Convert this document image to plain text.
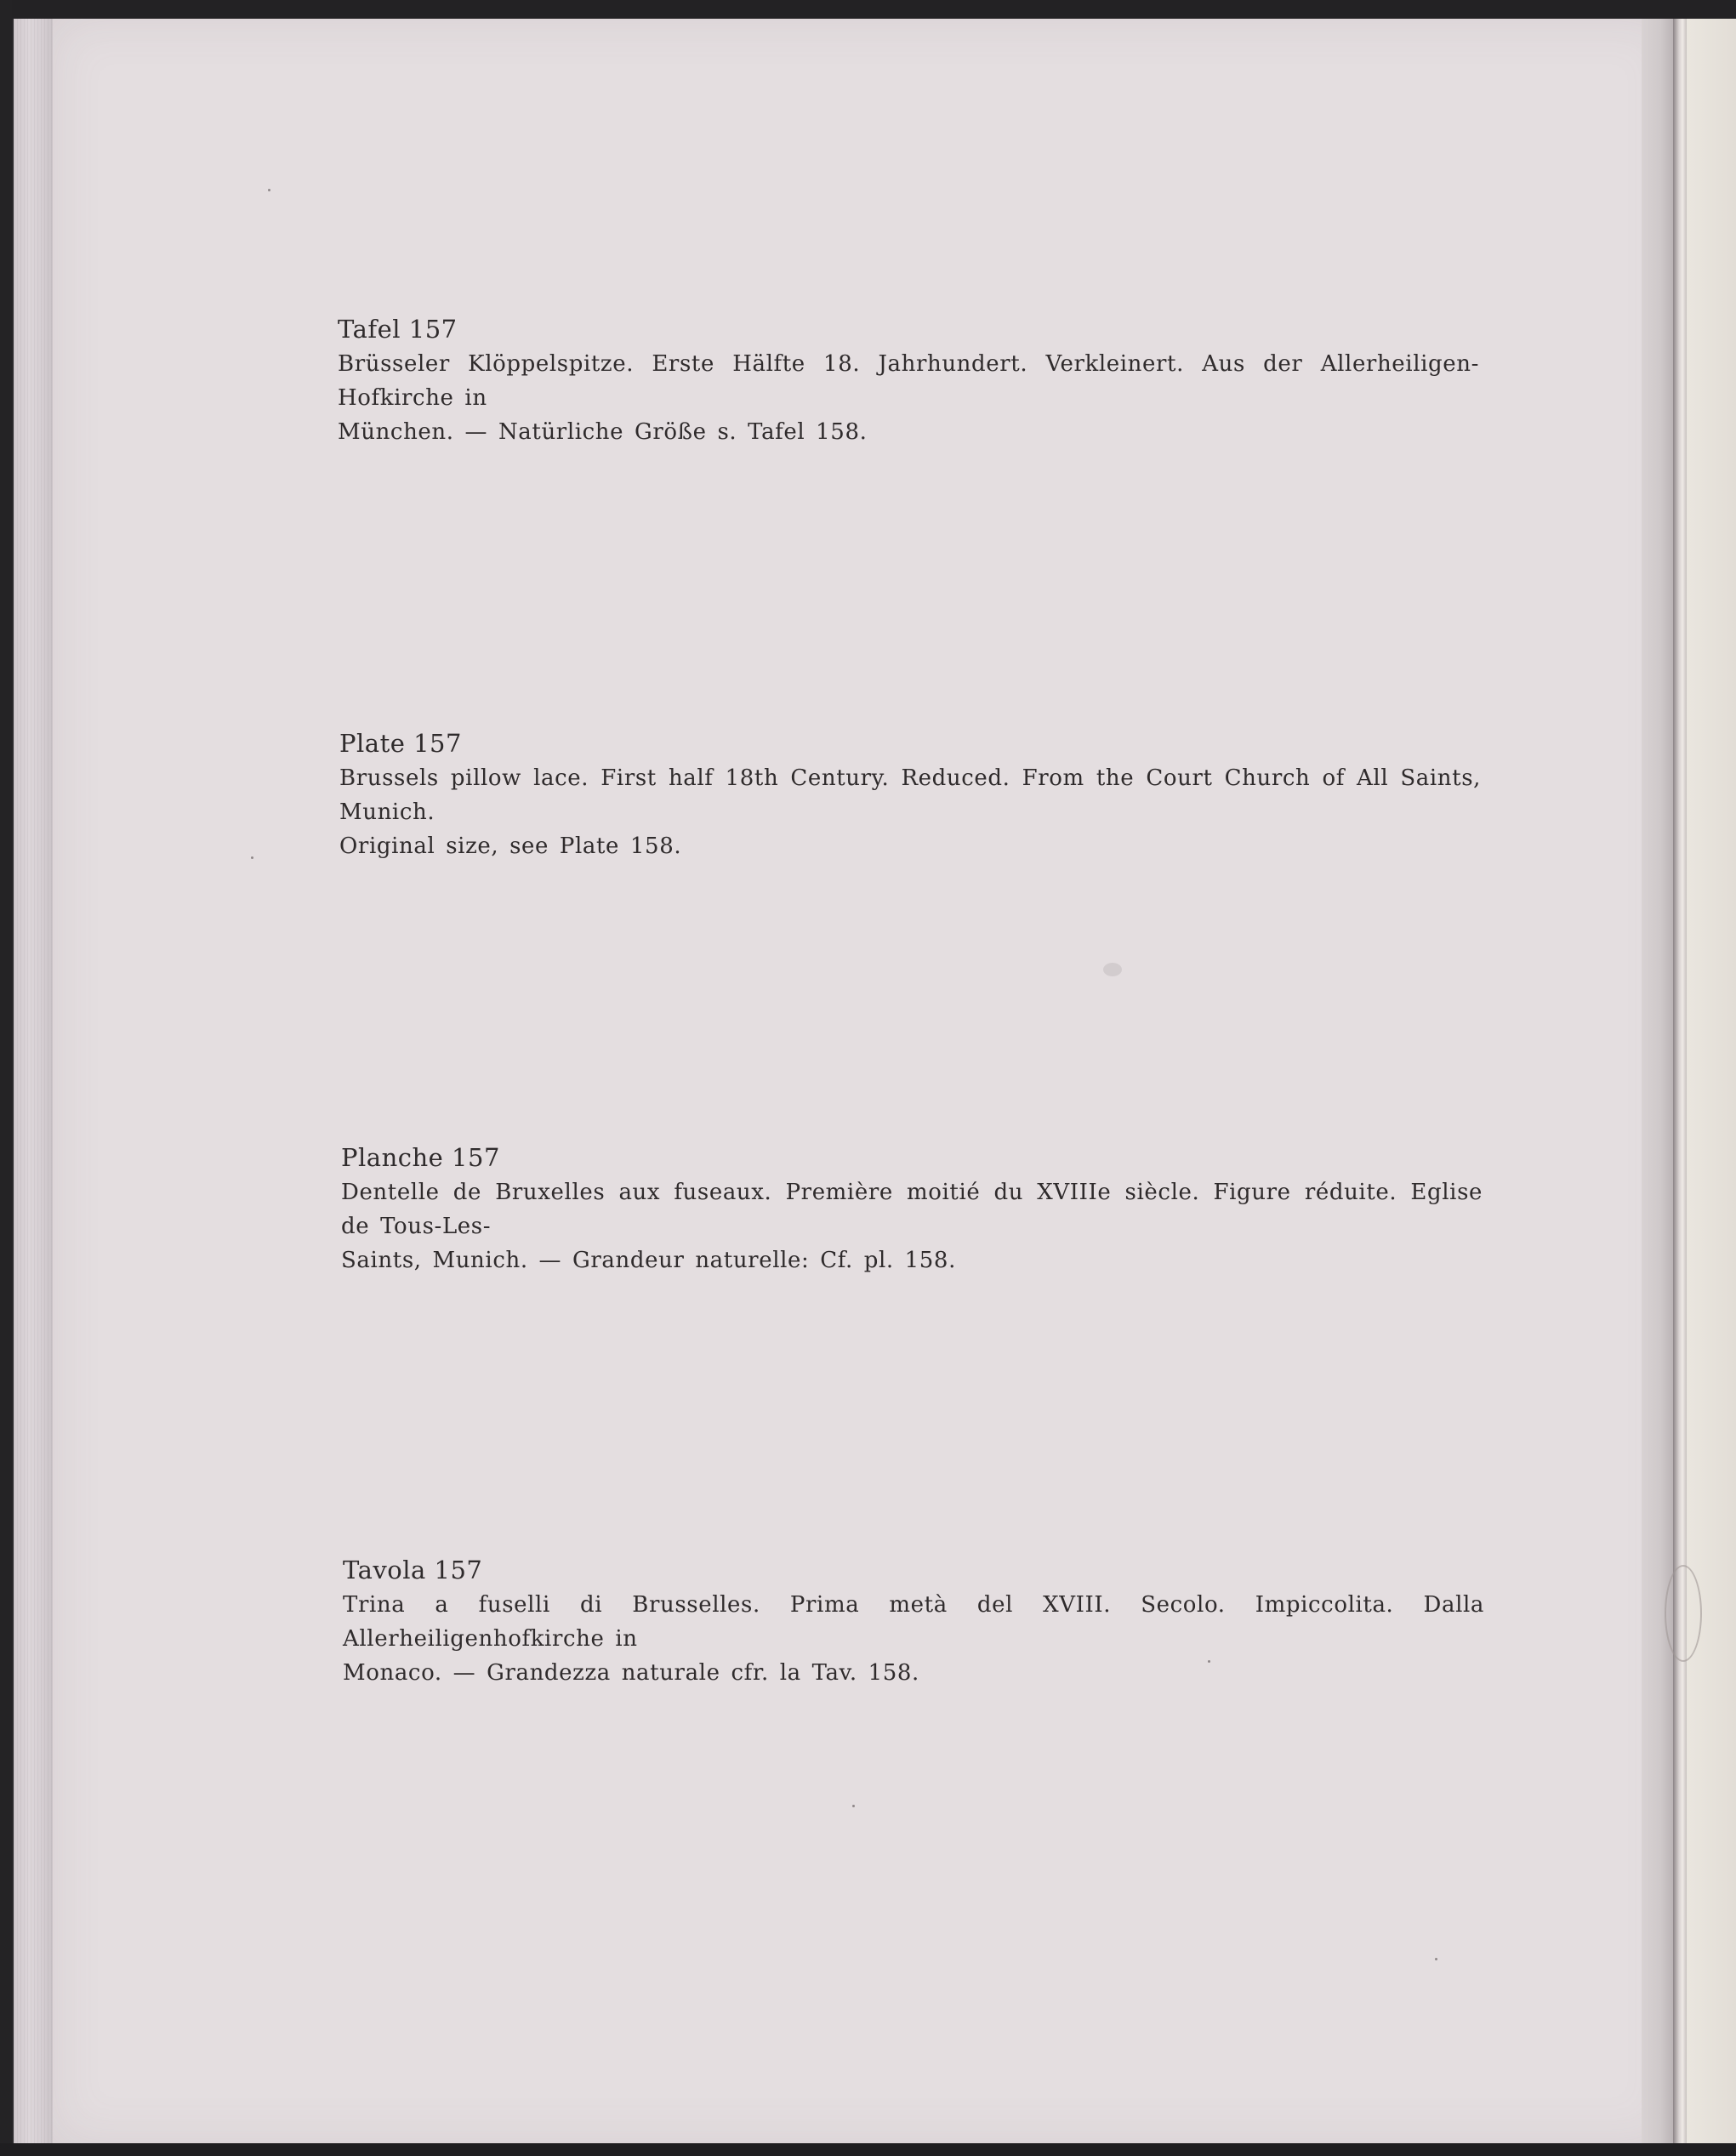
Tafel 157
Brüsseler Klöppelspitze. Erste Hälfte 18. Jahrhundert. Verkleinert. Aus der Allerheiligen-Hofkirche in
München. — Natürliche Größe s. Tafel 158.
Plate 157
Brussels pillow lace. First half 18th Century. Reduced. From the Court Church of All Saints, Munich.
Original size, see Plate 158.
Planche 157
Dentelle de Bruxelles aux fuseaux. Première moitié du XVIIIe siècle. Figure réduite. Eglise de Tous-Les-
Saints, Munich. — Grandeur naturelle: Cf. pl. 158.
Tavola 157
Trina a fuselli di Brusselles. Prima metà del XVIII. Secolo. Impiccolita. Dalla Allerheiligenhofkirche in
Monaco. — Grandezza naturale cfr. la Tav. 158.
